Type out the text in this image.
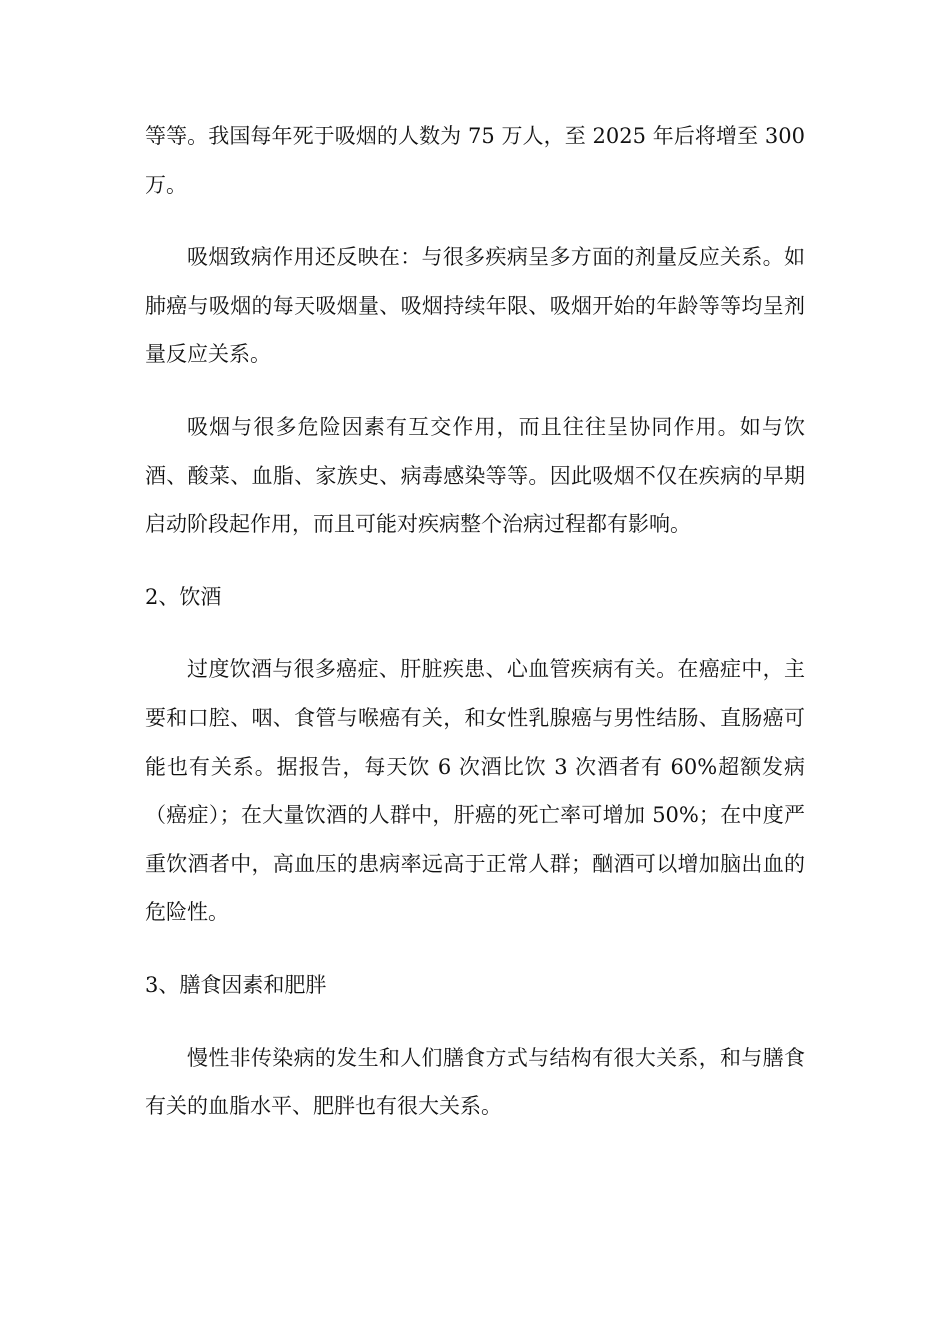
等等。我国每年死于吸烟的人数为 75 万人，至 2025 年后将增至 300 万。

吸烟致病作用还反映在：与很多疾病呈多方面的剂量反应关系。如肺癌与吸烟的每天吸烟量、吸烟持续年限、吸烟开始的年龄等等均呈剂量反应关系。

吸烟与很多危险因素有互交作用，而且往往呈协同作用。如与饮酒、酸菜、血脂、家族史、病毒感染等等。因此吸烟不仅在疾病的早期启动阶段起作用，而且可能对疾病整个治病过程都有影响。

2、饮酒

过度饮酒与很多癌症、肝脏疾患、心血管疾病有关。在癌症中，主要和口腔、咽、食管与喉癌有关，和女性乳腺癌与男性结肠、直肠癌可能也有关系。据报告，每天饮 6 次酒比饮 3 次酒者有 60%超额发病（癌症）；在大量饮酒的人群中，肝癌的死亡率可增加 50%；在中度严重饮酒者中，高血压的患病率远高于正常人群；酗酒可以增加脑出血的危险性。

3、膳食因素和肥胖

慢性非传染病的发生和人们膳食方式与结构有很大关系，和与膳食有关的血脂水平、肥胖也有很大关系。
